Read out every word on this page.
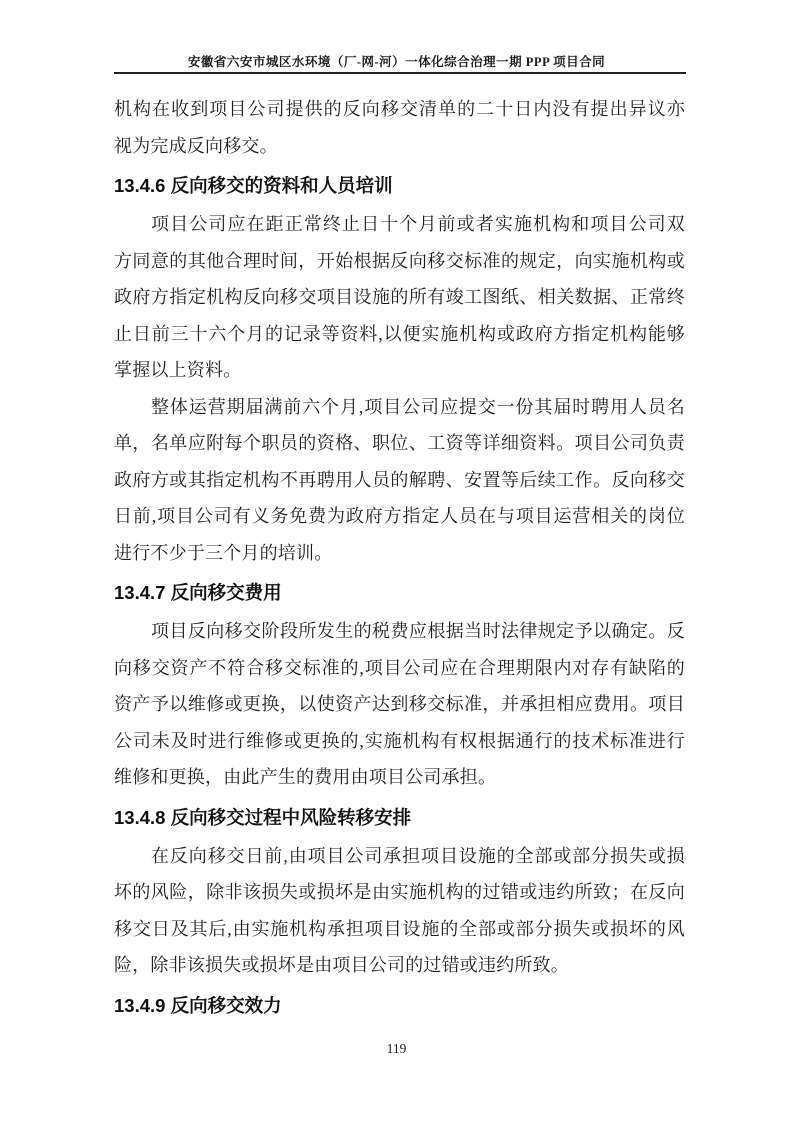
安徽省六安市城区水环境（厂-网-河）一体化综合治理一期 PPP 项目合同
机构在收到项目公司提供的反向移交清单的二十日内没有提出异议亦
视为完成反向移交。
13.4.6 反向移交的资料和人员培训
项目公司应在距正常终止日十个月前或者实施机构和项目公司双
方同意的其他合理时间，开始根据反向移交标准的规定，向实施机构或
政府方指定机构反向移交项目设施的所有竣工图纸、相关数据、正常终
止日前三十六个月的记录等资料,以便实施机构或政府方指定机构能够
掌握以上资料。
整体运营期届满前六个月,项目公司应提交一份其届时聘用人员名
单，名单应附每个职员的资格、职位、工资等详细资料。项目公司负责
政府方或其指定机构不再聘用人员的解聘、安置等后续工作。反向移交
日前,项目公司有义务免费为政府方指定人员在与项目运营相关的岗位
进行不少于三个月的培训。
13.4.7 反向移交费用
项目反向移交阶段所发生的税费应根据当时法律规定予以确定。反
向移交资产不符合移交标准的,项目公司应在合理期限内对存有缺陷的
资产予以维修或更换，以使资产达到移交标准，并承担相应费用。项目
公司未及时进行维修或更换的,实施机构有权根据通行的技术标准进行
维修和更换，由此产生的费用由项目公司承担。
13.4.8 反向移交过程中风险转移安排
在反向移交日前,由项目公司承担项目设施的全部或部分损失或损
坏的风险，除非该损失或损坏是由实施机构的过错或违约所致；在反向
移交日及其后,由实施机构承担项目设施的全部或部分损失或损坏的风
险，除非该损失或损坏是由项目公司的过错或违约所致。
13.4.9 反向移交效力
119
